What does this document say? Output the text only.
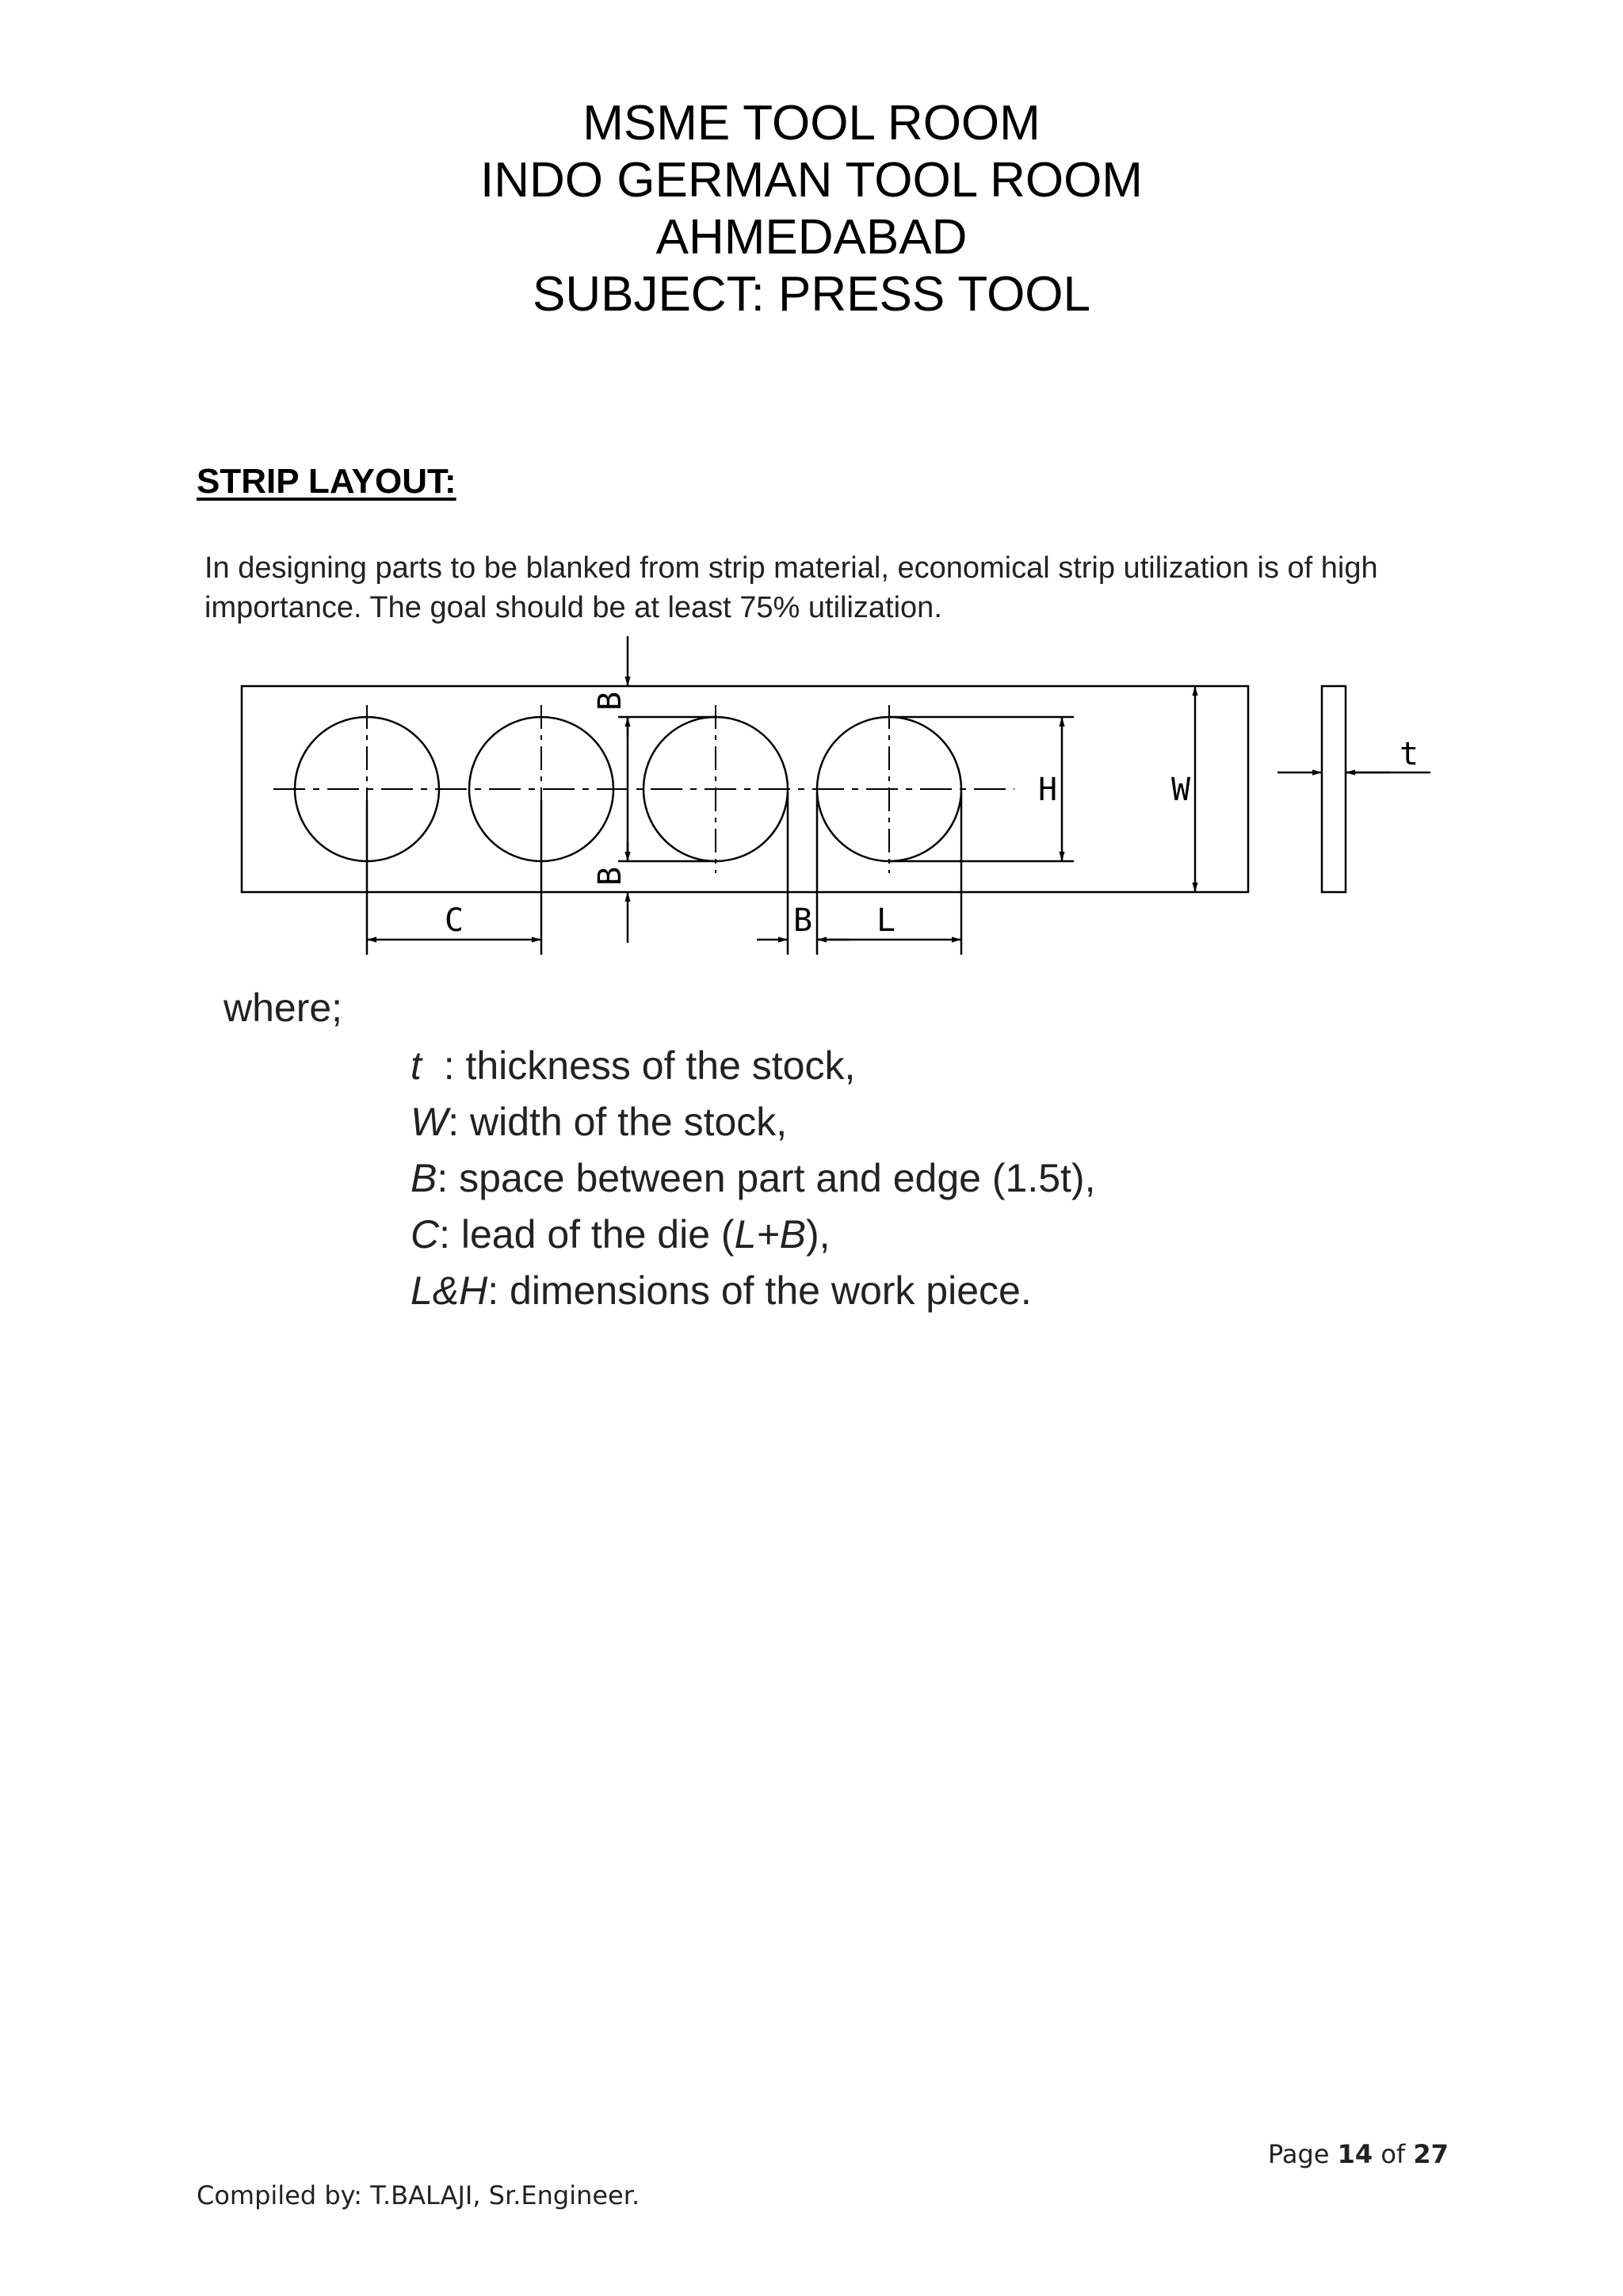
MSME TOOL ROOM
INDO GERMAN TOOL ROOM
AHMEDABAD
SUBJECT: PRESS TOOL
STRIP LAYOUT:
In designing parts to be blanked from strip material, economical strip utilization is of high importance. The goal should be at least 75% utilization.
B
B
H	W
t
C	B L
where;
t  : thickness of the stock,
W: width of the stock,
B: space between part and edge (1.5t),
C: lead of the die (L+B),
L&H: dimensions of the work piece.
Page 14 of 27
Compiled by: T.BALAJI, Sr.Engineer.
